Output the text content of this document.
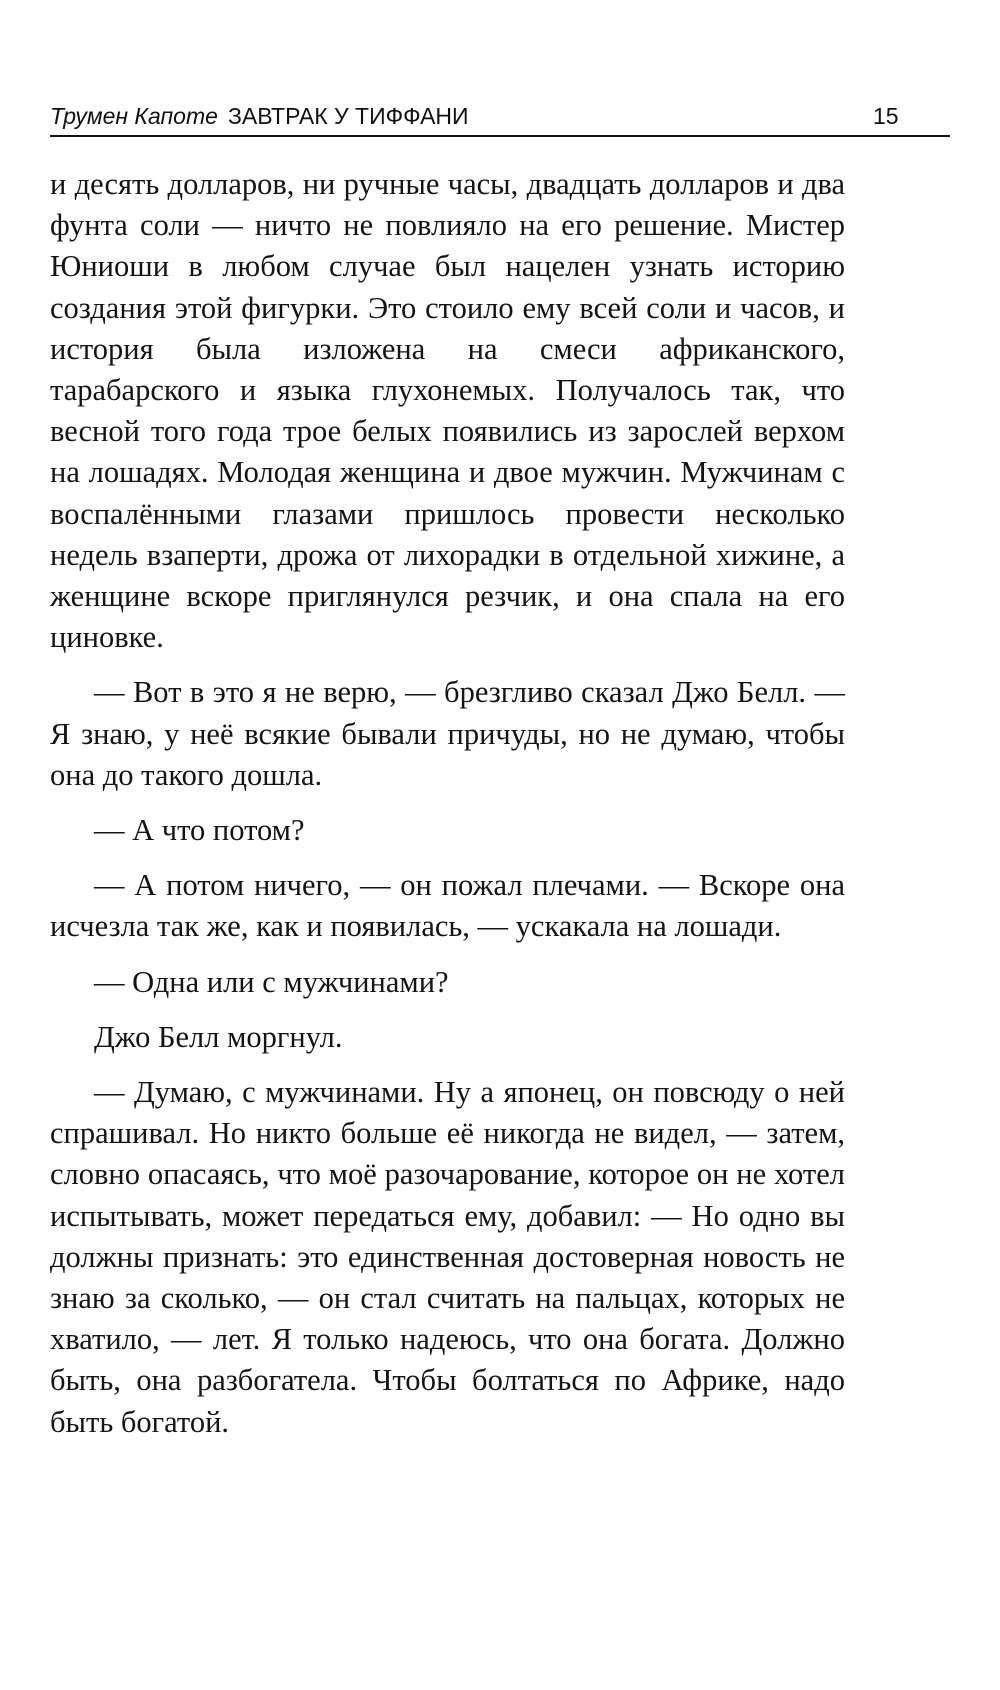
Трумен Капоте ЗАВТРАК У ТИФФАНИ	15

и десять долларов, ни ручные часы, двадцать долларов и два фунта соли — ничто не повлияло на его решение. Мистер Юниоши в любом случае был нацелен узнать историю создания этой фигурки. Это стоило ему всей соли и часов, и история была изложена на смеси африканского, тарабарского и языка глухонемых. Получалось так, что весной того года трое белых появились из зарослей верхом на лошадях. Молодая женщина и двое мужчин. Мужчинам с воспалёнными глазами пришлось провести несколько недель взаперти, дрожа от лихорадки в отдельной хижине, а женщине вскоре приглянулся резчик, и она спала на его циновке.

— Вот в это я не верю, — брезгливо сказал Джо Белл. — Я знаю, у неё всякие бывали причуды, но не думаю, чтобы она до такого дошла.

— А что потом?

— А потом ничего, — он пожал плечами. — Вскоре она исчезла так же, как и появилась, — ускакала на лошади.

— Одна или с мужчинами?

Джо Белл моргнул.

— Думаю, с мужчинами. Ну а японец, он повсюду о ней спрашивал. Но никто больше её никогда не видел, — затем, словно опасаясь, что моё разочарование, которое он не хотел испытывать, может передаться ему, добавил: — Но одно вы должны признать: это единственная достоверная новость не знаю за сколько, — он стал считать на пальцах, которых не хватило, — лет. Я только надеюсь, что она богата. Должно быть, она разбогатела. Чтобы болтаться по Африке, надо быть богатой.
